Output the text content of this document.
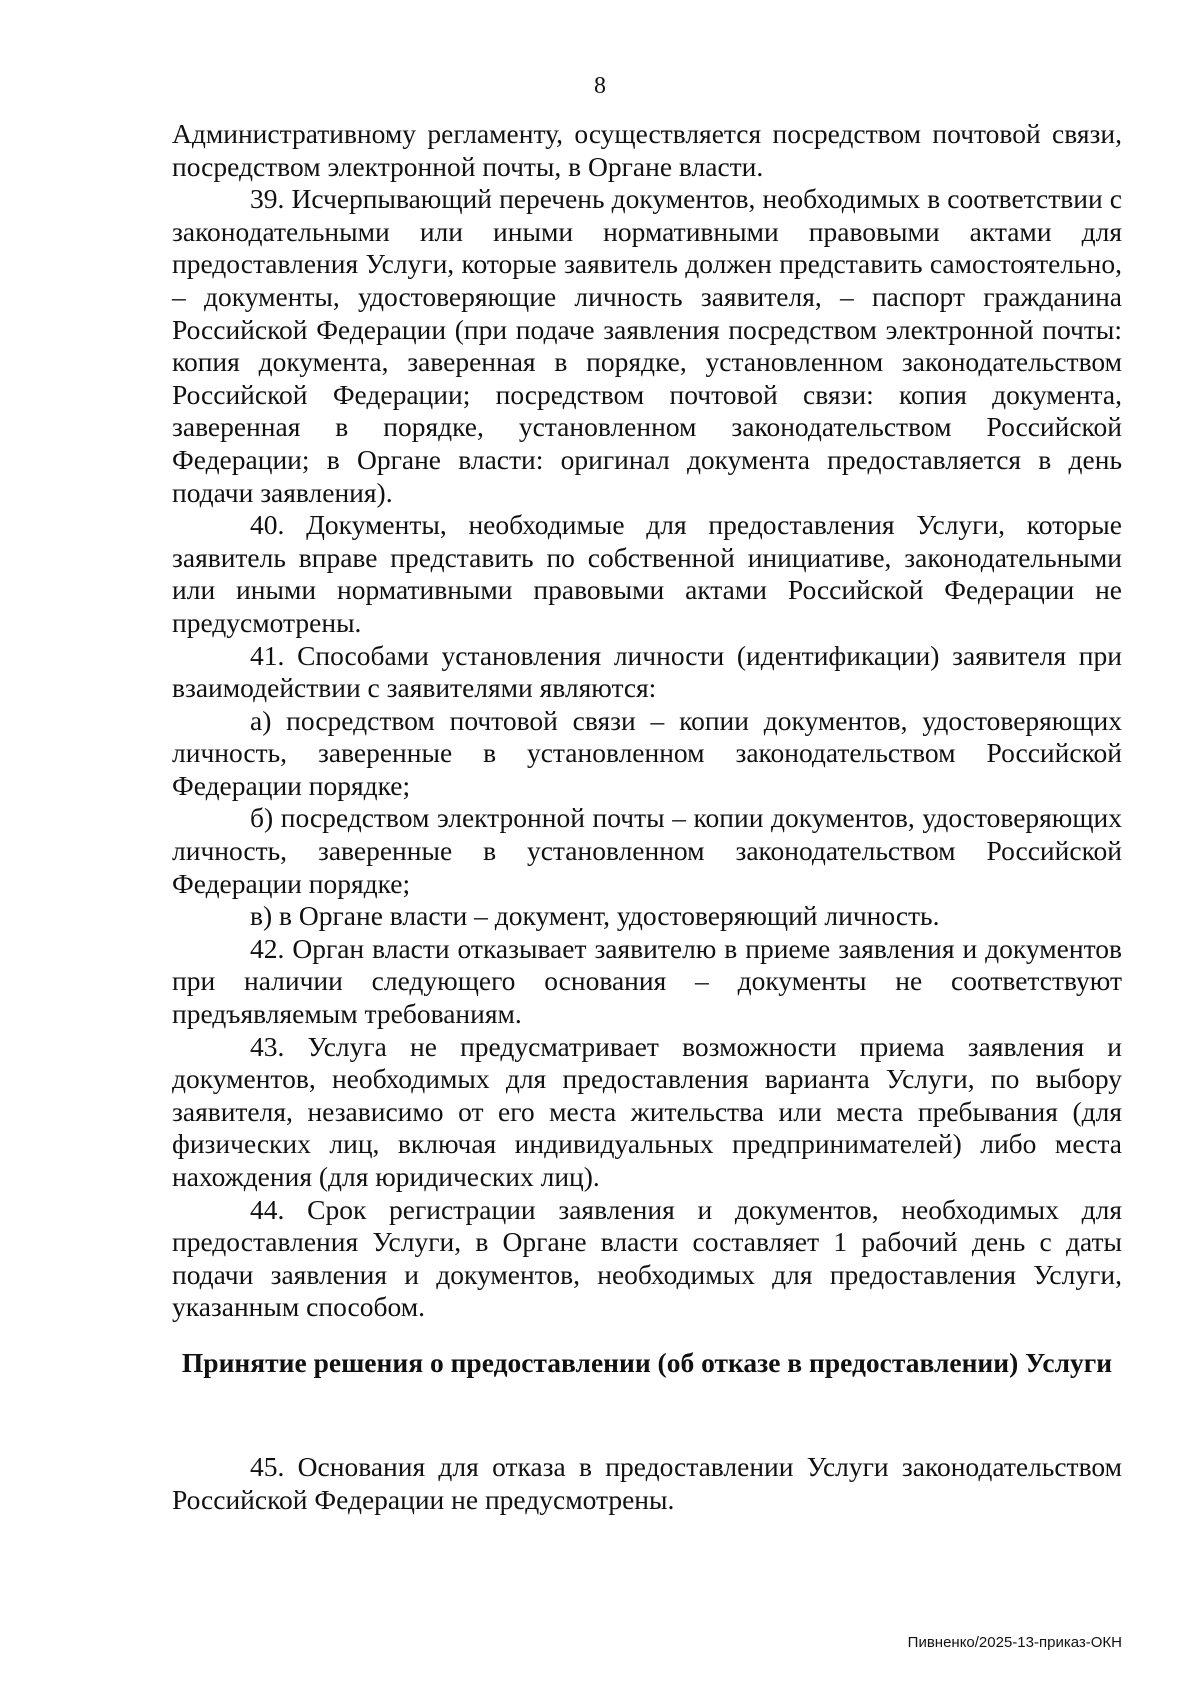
8

Административному регламенту, осуществляется посредством почтовой связи, посредством электронной почты, в Органе власти.

39. Исчерпывающий перечень документов, необходимых в соответствии с законодательными или иными нормативными правовыми актами для предоставления Услуги, которые заявитель должен представить самостоятельно, – документы, удостоверяющие личность заявителя, – паспорт гражданина Российской Федерации (при подаче заявления посредством электронной почты: копия документа, заверенная в порядке, установленном законодательством Российской Федерации; посредством почтовой связи: копия документа, заверенная в порядке, установленном законодательством Российской Федерации; в Органе власти: оригинал документа предоставляется в день подачи заявления).

40. Документы, необходимые для предоставления Услуги, которые заявитель вправе представить по собственной инициативе, законодательными или иными нормативными правовыми актами Российской Федерации не предусмотрены.

41. Способами установления личности (идентификации) заявителя при взаимодействии с заявителями являются:

а) посредством почтовой связи – копии документов, удостоверяющих личность, заверенные в установленном законодательством Российской Федерации порядке;

б) посредством электронной почты – копии документов, удостоверяющих личность, заверенные в установленном законодательством Российской Федерации порядке;

в) в Органе власти – документ, удостоверяющий личность.

42. Орган власти отказывает заявителю в приеме заявления и документов при наличии следующего основания – документы не соответствуют предъявляемым требованиям.

43. Услуга не предусматривает возможности приема заявления и документов, необходимых для предоставления варианта Услуги, по выбору заявителя, независимо от его места жительства или места пребывания (для физических лиц, включая индивидуальных предпринимателей) либо места нахождения (для юридических лиц).

44. Срок регистрации заявления и документов, необходимых для предоставления Услуги, в Органе власти составляет 1 рабочий день с даты подачи заявления и документов, необходимых для предоставления Услуги, указанным способом.

Принятие решения о предоставлении (об отказе в предоставлении) Услуги

45. Основания для отказа в предоставлении Услуги законодательством Российской Федерации не предусмотрены.

Пивненко/2025-13-приказ-ОКН
